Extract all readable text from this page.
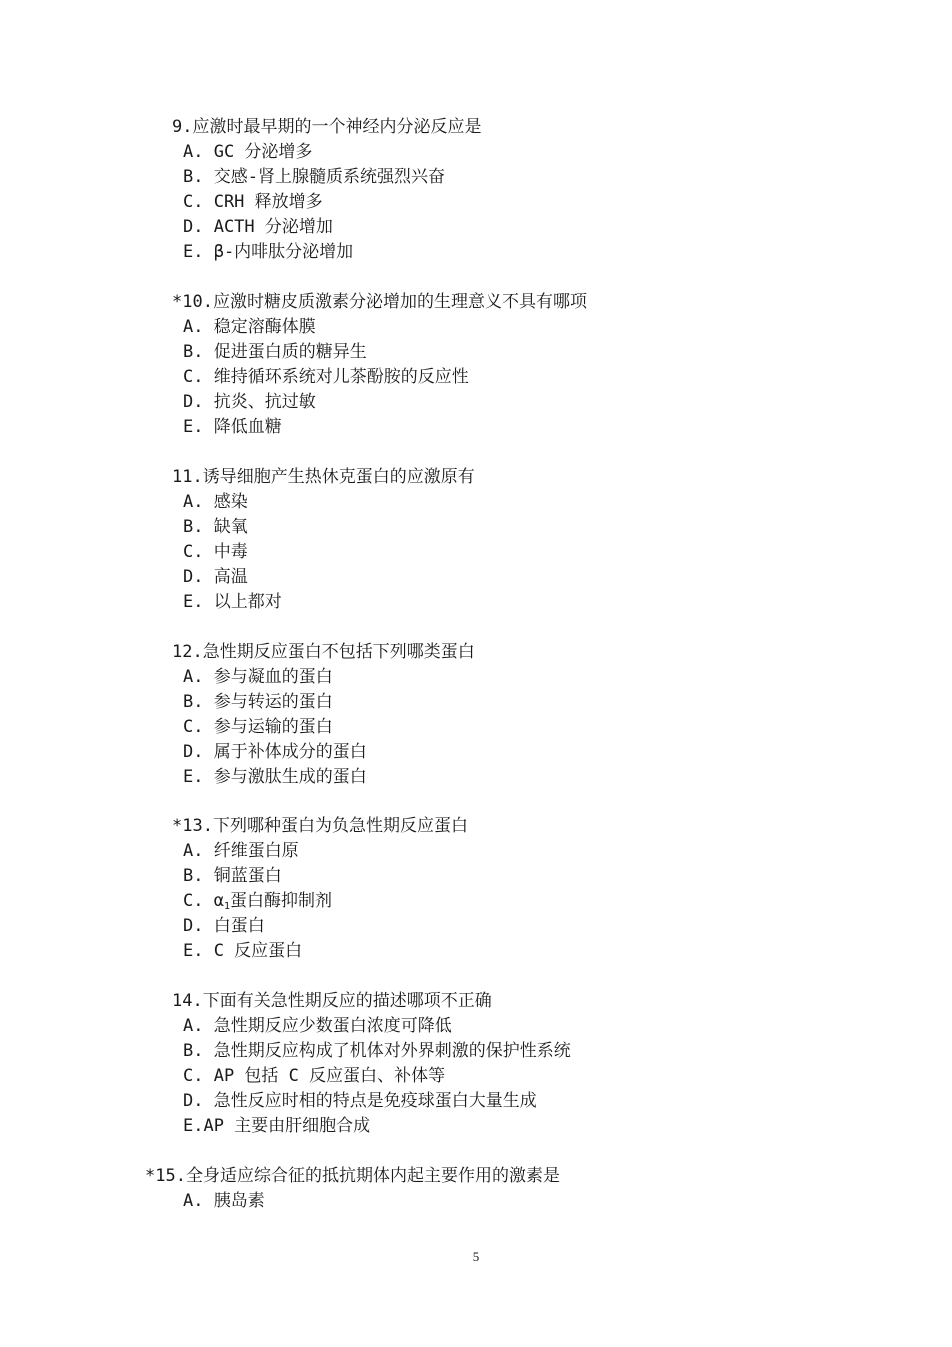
9.应激时最早期的一个神经内分泌反应是
A. GC 分泌增多
B. 交感-肾上腺髓质系统强烈兴奋
C. CRH 释放增多
D. ACTH 分泌增加
E. β-内啡肽分泌增加
*10.应激时糖皮质激素分泌增加的生理意义不具有哪项
A. 稳定溶酶体膜
B. 促进蛋白质的糖异生
C. 维持循环系统对儿茶酚胺的反应性
D. 抗炎、抗过敏
E. 降低血糖
11.诱导细胞产生热休克蛋白的应激原有
A. 感染
B. 缺氧
C. 中毒
D. 高温
E. 以上都对
12.急性期反应蛋白不包括下列哪类蛋白
A. 参与凝血的蛋白
B. 参与转运的蛋白
C. 参与运输的蛋白
D. 属于补体成分的蛋白
E. 参与激肽生成的蛋白
*13.下列哪种蛋白为负急性期反应蛋白
A. 纤维蛋白原
B. 铜蓝蛋白
C. $\alpha_1$蛋白酶抑制剂
D. 白蛋白
E. C 反应蛋白
14.下面有关急性期反应的描述哪项不正确
A. 急性期反应少数蛋白浓度可降低
B. 急性期反应构成了机体对外界刺激的保护性系统
C. AP 包括 C 反应蛋白、补体等
D. 急性反应时相的特点是免疫球蛋白大量生成
E.AP 主要由肝细胞合成
*15.全身适应综合征的抵抗期体内起主要作用的激素是
A. 胰岛素
5
